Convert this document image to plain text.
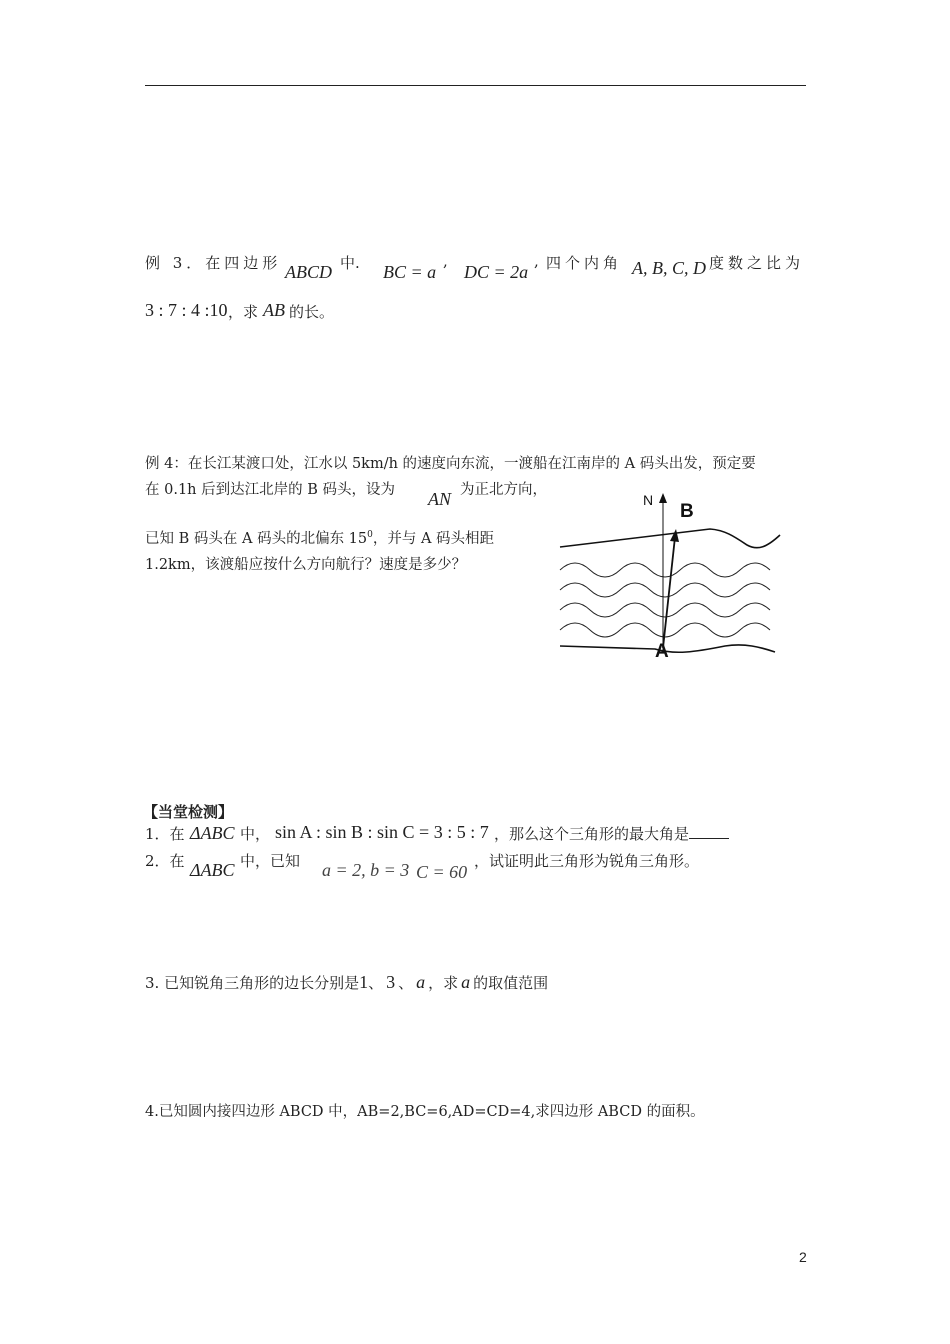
例 3．在四边形 ABCD 中. BC = a
,
DC = 2a
, 四个内角 A, B, C, D 度数之比为
3 : 7 : 4 :10 ，求 AB 的长。
例 4：在长江某渡口处，江水以 5km/h 的速度向东流，一渡船在江南岸的 A 码头出发，预定要
在 0.1h 后到达江北岸的 B 码头，设为 AN 为正北方向，
已知 B 码头在 A 码头的北偏东 $15^0$，并与 A 码头相距
1.2km，该渡船应按什么方向航行？速度是多少？
N
B
A
【当堂检测】
1．在 ΔABC 中， sin A : sin B : sin C = 3 : 5 : 7 ，那么这个三角形的最大角是
2．在 ΔABC 中，已知 a = 2, b = 3 C = 60
，试证明此三角形为锐角三角形。
3. 已知锐角三角形的边长分别是1、 3 、 a ，求 a 的取值范围
4.已知圆内接四边形 ABCD 中，AB=2,BC=6,AD=CD=4,求四边形 ABCD 的面积。
2
